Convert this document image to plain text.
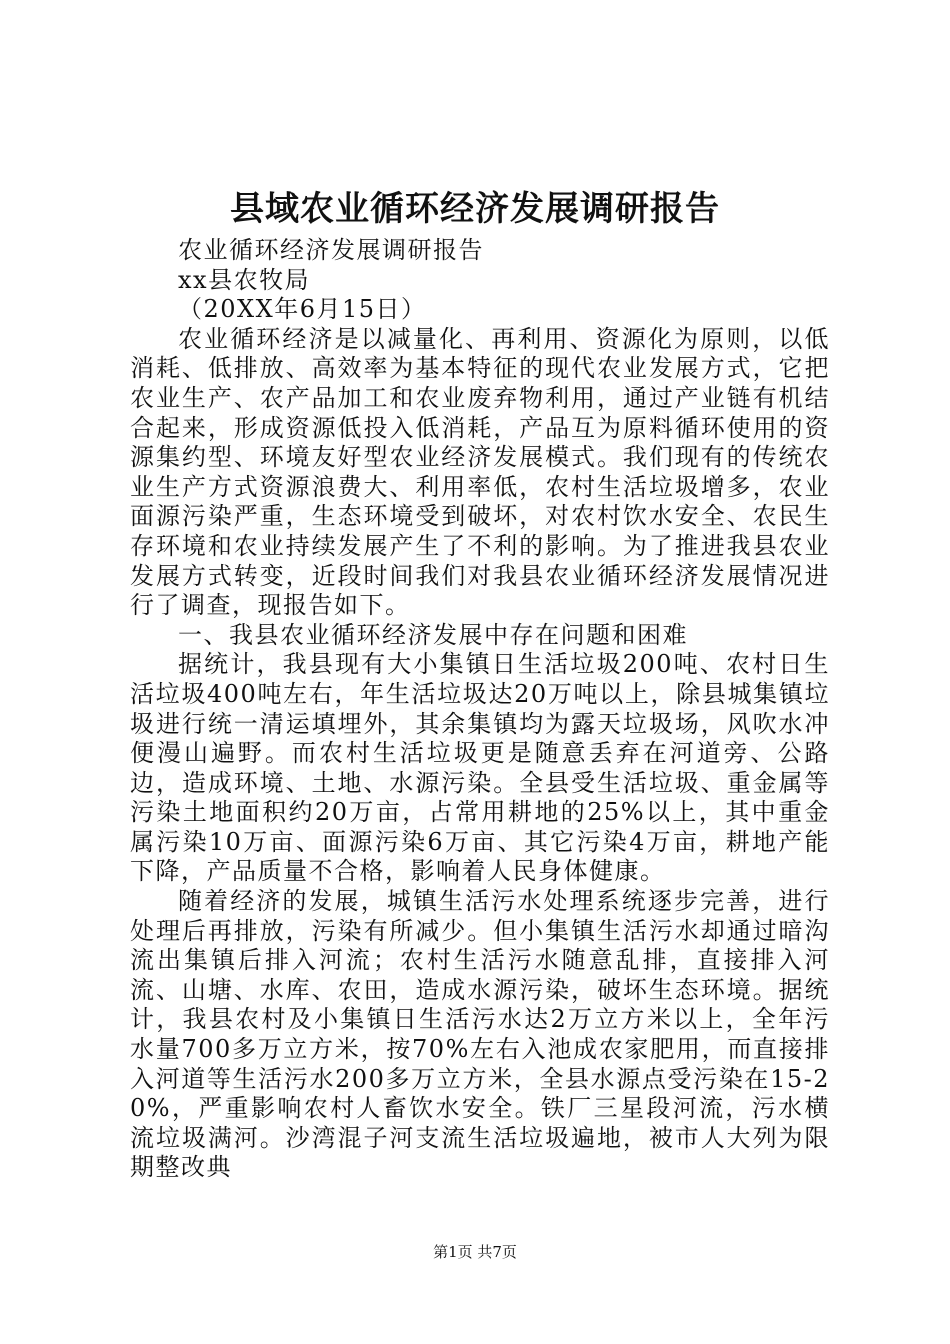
县域农业循环经济发展调研报告

农业循环经济发展调研报告

xx县农牧局

（20XX年6月15日）

农业循环经济是以减量化、再利用、资源化为原则，以低消耗、低排放、高效率为基本特征的现代农业发展方式，它把农业生产、农产品加工和农业废弃物利用，通过产业链有机结合起来，形成资源低投入低消耗，产品互为原料循环使用的资源集约型、环境友好型农业经济发展模式。我们现有的传统农业生产方式资源浪费大、利用率低，农村生活垃圾增多，农业面源污染严重，生态环境受到破坏，对农村饮水安全、农民生存环境和农业持续发展产生了不利的影响。为了推进我县农业发展方式转变，近段时间我们对我县农业循环经济发展情况进行了调查，现报告如下。

一、我县农业循环经济发展中存在问题和困难

据统计，我县现有大小集镇日生活垃圾200吨、农村日生活垃圾400吨左右，年生活垃圾达20万吨以上，除县城集镇垃圾进行统一清运填埋外，其余集镇均为露天垃圾场，风吹水冲便漫山遍野。而农村生活垃圾更是随意丢弃在河道旁、公路边，造成环境、土地、水源污染。全县受生活垃圾、重金属等污染土地面积约20万亩，占常用耕地的25%以上，其中重金属污染10万亩、面源污染6万亩、其它污染4万亩，耕地产能下降，产品质量不合格，影响着人民身体健康。

随着经济的发展，城镇生活污水处理系统逐步完善，进行处理后再排放，污染有所减少。但小集镇生活污水却通过暗沟流出集镇后排入河流；农村生活污水随意乱排，直接排入河流、山塘、水库、农田，造成水源污染，破坏生态环境。据统计，我县农村及小集镇日生活污水达2万立方米以上，全年污水量700多万立方米，按70%左右入池成农家肥用，而直接排入河道等生活污水200多万立方米，全县水源点受污染在15-20%，严重影响农村人畜饮水安全。铁厂三星段河流，污水横流垃圾满河。沙湾混子河支流生活垃圾遍地，被市人大列为限期整改典

第1页 共7页
